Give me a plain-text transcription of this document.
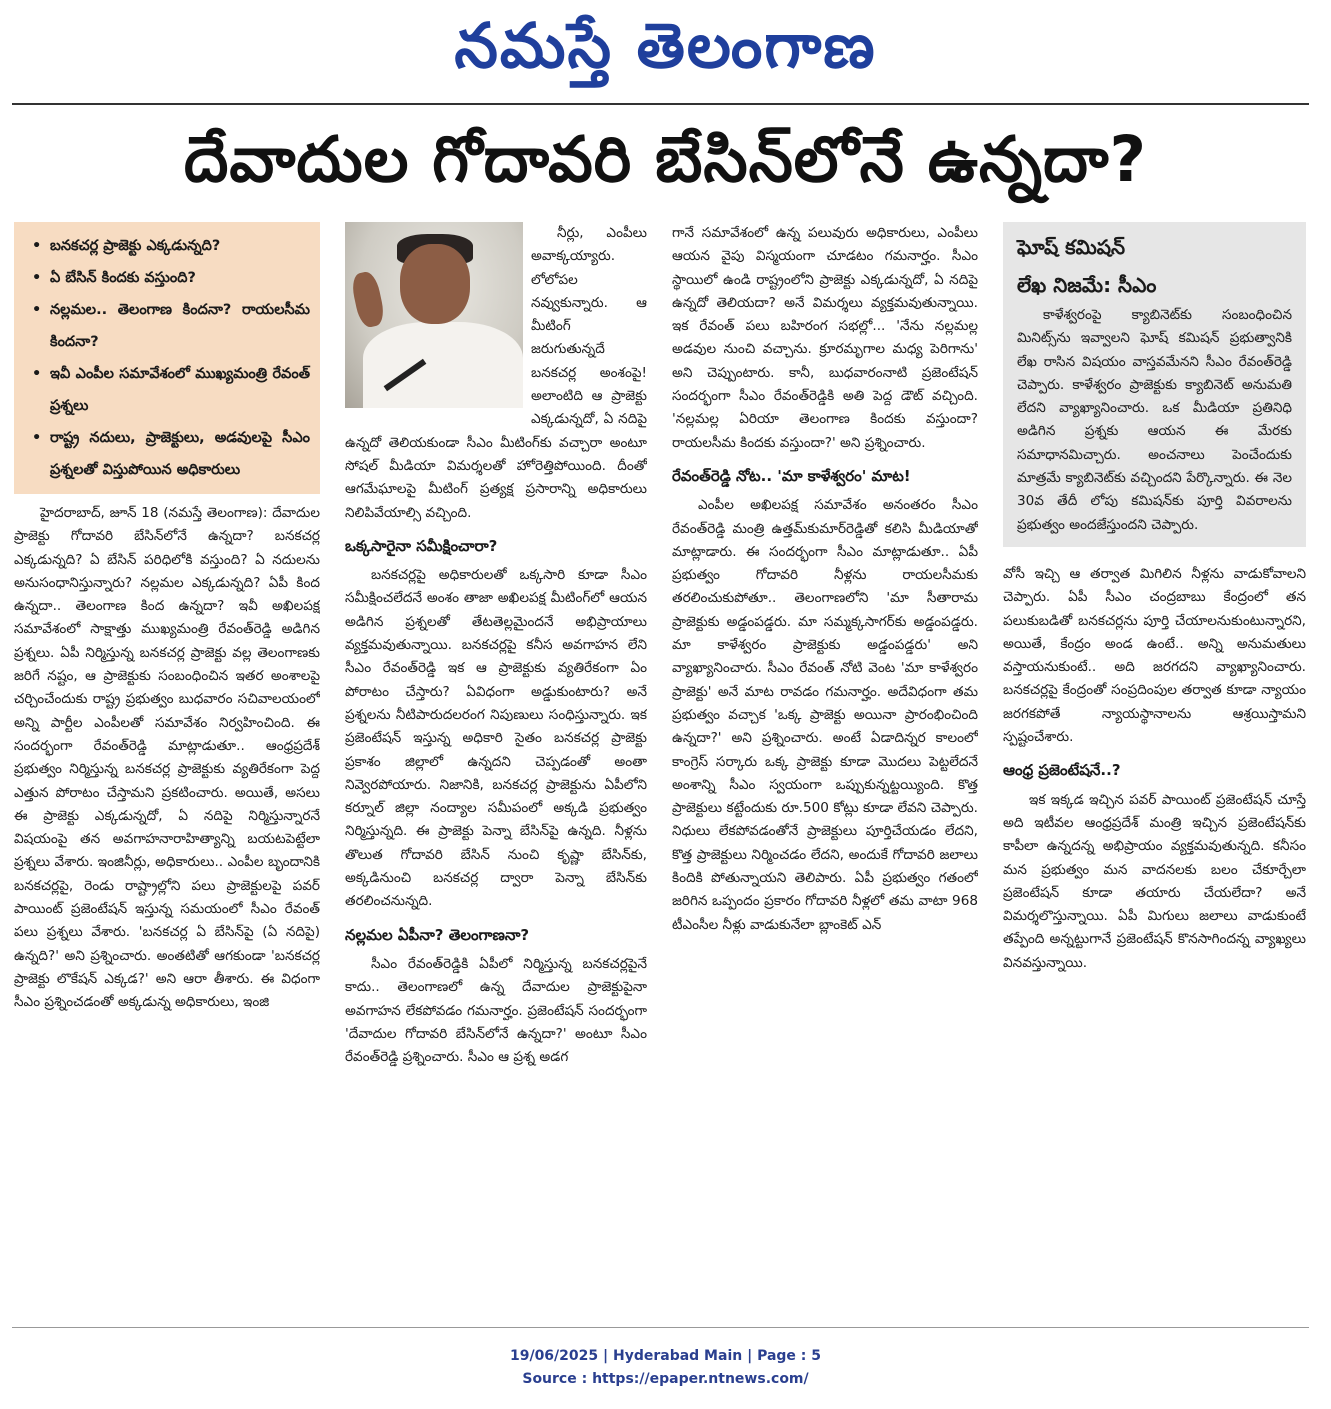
నమస్తే తెలంగాణ
దేవాదుల గోదావరి బేసిన్‌లోనే ఉన్నదా?
• బనకచర్ల ప్రాజెక్టు ఎక్కడున్నది?
• ఏ బేసిన్ కిందకు వస్తుంది?
• నల్లమల.. తెలంగాణ కిందనా? రాయలసీమ కిందనా?
• ఇవీ ఎంపీల సమావేశంలో ముఖ్యమంత్రి రేవంత్ ప్రశ్నలు
• రాష్ట్ర నదులు, ప్రాజెక్టులు, అడవులపై సీఎం ప్రశ్నలతో విస్తుపోయిన అధికారులు

హైదరాబాద్, జూన్ 18 (నమస్తే తెలంగాణ): దేవాదుల ప్రాజెక్టు గోదావరి బేసిన్‌లోనే ఉన్నదా? బనకచర్ల ఎక్కడున్నది? ఏ బేసిన్ పరిధిలోకి వస్తుంది? ఏ నదులను అనుసంధానిస్తున్నారు? నల్లమల ఎక్కడున్నది? ఏపీ కింద ఉన్నదా.. తెలంగాణ కింద ఉన్నదా? ఇవీ అఖిలపక్ష సమావేశంలో సాక్షాత్తు ముఖ్యమంత్రి రేవంత్‌రెడ్డి అడిగిన ప్రశ్నలు. ఏపీ నిర్మిస్తున్న బనకచర్ల ప్రాజెక్టు వల్ల తెలంగాణకు జరిగే నష్టం, ఆ ప్రాజెక్టుకు సంబంధించిన ఇతర అంశాలపై చర్చించేందుకు రాష్ట్ర ప్రభుత్వం బుధవారం సచివాలయంలో అన్ని పార్టీల ఎంపీలతో సమావేశం నిర్వహించింది. ఈ సందర్భంగా రేవంత్‌రెడ్డి మాట్లాడుతూ.. ఆంధ్రప్రదేశ్ ప్రభుత్వం నిర్మిస్తున్న బనకచర్ల ప్రాజెక్టుకు వ్యతిరేకంగా పెద్ద ఎత్తున పోరాటం చేస్తామని ప్రకటించారు. అయితే, అసలు ఈ ప్రాజెక్టు ఎక్కడున్నదో, ఏ నదిపై నిర్మిస్తున్నారనే విషయంపై తన అవగాహనారాహిత్యాన్ని బయటపెట్టేలా ప్రశ్నలు వేశారు. ఇంజినీర్లు, అధికారులు.. ఎంపీల బృందానికి బనకచర్లపై, రెండు రాష్ట్రాల్లోని పలు ప్రాజెక్టులపై పవర్ పాయింట్ ప్రజెంటేషన్ ఇస్తున్న సమయంలో సీఎం రేవంత్ పలు ప్రశ్నలు వేశారు. 'బనకచర్ల ఏ బేసిన్‌పై (ఏ నదిపై) ఉన్నది?' అని ప్రశ్నించారు. అంతటితో ఆగకుండా 'బనకచర్ల ప్రాజెక్టు లొకేషన్ ఎక్కడ?' అని ఆరా తీశారు. ఈ విధంగా సీఎం ప్రశ్నించడంతో అక్కడున్న అధికారులు, ఇంజి

నీర్లు, ఎంపీలు అవాక్కయ్యారు. లోలోపల నవ్వుకున్నారు. ఆ మీటింగ్ జరుగుతున్నదే బనకచర్ల అంశంపై! అలాంటిది ఆ ప్రాజెక్టు ఎక్కడున్నదో, ఏ నదిపై ఉన్నదో తెలియకుండా సీఎం మీటింగ్‌కు వచ్చారా అంటూ సోషల్ మీడియా విమర్శలతో హోరెత్తిపోయింది. దీంతో ఆగమేఘాలపై మీటింగ్ ప్రత్యక్ష ప్రసారాన్ని అధికారులు నిలిపివేయాల్సి వచ్చింది.

ఒక్కసారైనా సమీక్షించారా?

బనకచర్లపై అధికారులతో ఒక్కసారి కూడా సీఎం సమీక్షించలేదనే అంశం తాజా అఖిలపక్ష మీటింగ్‌లో ఆయన అడిగిన ప్రశ్నలతో తేటతెల్లమైందనే అభిప్రాయాలు వ్యక్తమవుతున్నాయి. బనకచర్లపై కనీస అవగాహన లేని సీఎం రేవంత్‌రెడ్డి ఇక ఆ ప్రాజెక్టుకు వ్యతిరేకంగా ఏం పోరాటం చేస్తారు? ఏవిధంగా అడ్డుకుంటారు? అనే ప్రశ్నలను నీటిపారుదలరంగ నిపుణులు సంధిస్తున్నారు. ఇక ప్రజెంటేషన్ ఇస్తున్న అధికారి సైతం బనకచర్ల ప్రాజెక్టు ప్రకాశం జిల్లాలో ఉన్నదని చెప్పడంతో అంతా నివ్వెరపోయారు. నిజానికి, బనకచర్ల ప్రాజెక్టును ఏపీలోని కర్నూల్ జిల్లా నంద్యాల సమీపంలో అక్కడి ప్రభుత్వం నిర్మిస్తున్నది. ఈ ప్రాజెక్టు పెన్నా బేసిన్‌పై ఉన్నది. నీళ్లను తొలుత గోదావరి బేసిన్ నుంచి కృష్ణా బేసిన్‌కు, అక్కడినుంచి బనకచర్ల ద్వారా పెన్నా బేసిన్‌కు తరలించనున్నది.

నల్లమల ఏపీనా? తెలంగాణనా?

సీఎం రేవంత్‌రెడ్డికి ఏపీలో నిర్మిస్తున్న బనకచర్లపైనే కాదు.. తెలంగాణలో ఉన్న దేవాదుల ప్రాజెక్టుపైనా అవగాహన లేకపోవడం గమనార్హం. ప్రజెంటేషన్ సందర్భంగా 'దేవాదుల గోదావరి బేసిన్‌లోనే ఉన్నదా?' అంటూ సీఎం రేవంత్‌రెడ్డి ప్రశ్నించారు. సీఎం ఆ ప్రశ్న అడగ

గానే సమావేశంలో ఉన్న పలువురు అధికారులు, ఎంపీలు ఆయన వైపు విస్మయంగా చూడటం గమనార్హం. సీఎం స్థాయిలో ఉండి రాష్ట్రంలోని ప్రాజెక్టు ఎక్కడున్నదో, ఏ నదిపై ఉన్నదో తెలియదా? అనే విమర్శలు వ్యక్తమవుతున్నాయి. ఇక రేవంత్ పలు బహిరంగ సభల్లో... 'నేను నల్లమల్ల అడవుల నుంచి వచ్చాను. క్రూరమృగాల మధ్య పెరిగాను' అని చెప్పుంటారు. కానీ, బుధవారంనాటి ప్రజెంటేషన్ సందర్భంగా సీఎం రేవంత్‌రెడ్డికి అతి పెద్ద డౌట్ వచ్చింది. 'నల్లమల్ల ఏరియా తెలంగాణ కిందకు వస్తుందా? రాయలసీమ కిందకు వస్తుందా?' అని ప్రశ్నించారు.

రేవంత్‌రెడ్డి నోట.. 'మా కాళేశ్వరం' మాట!

ఎంపీల అఖిలపక్ష సమావేశం అనంతరం సీఎం రేవంత్‌రెడ్డి మంత్రి ఉత్తమ్‌కుమార్‌రెడ్డితో కలిసి మీడియాతో మాట్లాడారు. ఈ సందర్భంగా సీఎం మాట్లాడుతూ.. ఏపీ ప్రభుత్వం గోదావరి నీళ్లను రాయలసీమకు తరలించుకుపోతూ.. తెలంగాణలోని 'మా సీతారామ ప్రాజెక్టుకు అడ్డంపడ్డరు. మా సమ్మక్కసాగర్‌కు అడ్డంపడ్డరు. మా కాళేశ్వరం ప్రాజెక్టుకు అడ్డంపడ్డరు' అని వ్యాఖ్యానించారు. సీఎం రేవంత్ నోటి వెంట 'మా కాళేశ్వరం ప్రాజెక్టు' అనే మాట రావడం గమనార్హం. అదేవిధంగా తమ ప్రభుత్వం వచ్చాక 'ఒక్క ప్రాజెక్టు అయినా ప్రారంభించింది ఉన్నదా?' అని ప్రశ్నించారు. అంటే ఏడాదిన్నర కాలంలో కాంగ్రెస్ సర్కారు ఒక్క ప్రాజెక్టు కూడా మొదలు పెట్టలేదనే అంశాన్ని సీఎం స్వయంగా ఒప్పుకున్నట్టయ్యింది. కొత్త ప్రాజెక్టులు కట్టేందుకు రూ.500 కోట్లు కూడా లేవని చెప్పారు. నిధులు లేకపోవడంతోనే ప్రాజెక్టులు పూర్తిచేయడం లేదని, కొత్త ప్రాజెక్టులు నిర్మించడం లేదని, అందుకే గోదావరి జలాలు కిందికి పోతున్నాయని తెలిపారు. ఏపీ ప్రభుత్వం గతంలో జరిగిన ఒప్పందం ప్రకారం గోదావరి నీళ్లలో తమ వాటా 968 టీఎంసీల నీళ్లు వాడుకునేలా బ్లాంకెట్ ఎన్

ఘోష్ కమిషన్
లేఖ నిజమే: సీఎం

కాళేశ్వరంపై క్యాబినెట్‌కు సంబంధించిన మినిట్స్‌ను ఇవ్వాలని ఘోష్ కమిషన్ ప్రభుత్వానికి లేఖ రాసిన విషయం వాస్తవమేనని సీఎం రేవంత్‌రెడ్డి చెప్పారు. కాళేశ్వరం ప్రాజెక్టుకు క్యాబినెట్ అనుమతి లేదని వ్యాఖ్యానించారు. ఒక మీడియా ప్రతినిధి అడిగిన ప్రశ్నకు ఆయన ఈ మేరకు సమాధానమిచ్చారు. అంచనాలు పెంచేందుకు మాత్రమే క్యాబినెట్‌కు వచ్చిందని పేర్కొన్నారు. ఈ నెల 30వ తేదీ లోపు కమిషన్‌కు పూర్తి వివరాలను ప్రభుత్వం అందజేస్తుందని చెప్పారు.

వోసీ ఇచ్చి ఆ తర్వాత మిగిలిన నీళ్లను వాడుకోవాలని చెప్పారు. ఏపీ సీఎం చంద్రబాబు కేంద్రంలో తన పలుకుబడితో బనకచర్లను పూర్తి చేయాలనుకుంటున్నారని, అయితే, కేంద్రం అండ ఉంటే.. అన్ని అనుమతులు వస్తాయనుకుంటే.. అది జరగదని వ్యాఖ్యానించారు. బనకచర్లపై కేంద్రంతో సంప్రదింపుల తర్వాత కూడా న్యాయం జరగకపోతే న్యాయస్థానాలను ఆశ్రయిస్తామని స్పష్టంచేశారు.

ఆంధ్ర ప్రజెంటేషనే..?

ఇక ఇక్కడ ఇచ్చిన పవర్ పాయింట్ ప్రజెంటేషన్ చూస్తే అది ఇటీవల ఆంధ్రప్రదేశ్ మంత్రి ఇచ్చిన ప్రజెంటేషన్‌కు కాపీలా ఉన్నదన్న అభిప్రాయం వ్యక్తమవుతున్నది. కనీసం మన ప్రభుత్వం మన వాదనలకు బలం చేకూర్చేలా ప్రజెంటేషన్ కూడా తయారు చేయలేదా? అనే విమర్శలొస్తున్నాయి. ఏపీ మిగులు జలాలు వాడుకుంటే తప్పేంది అన్నట్టుగానే ప్రజెంటేషన్ కొనసాగిందన్న వ్యాఖ్యలు వినవస్తున్నాయి.

19/06/2025 | Hyderabad Main | Page : 5
Source : https://epaper.ntnews.com/
